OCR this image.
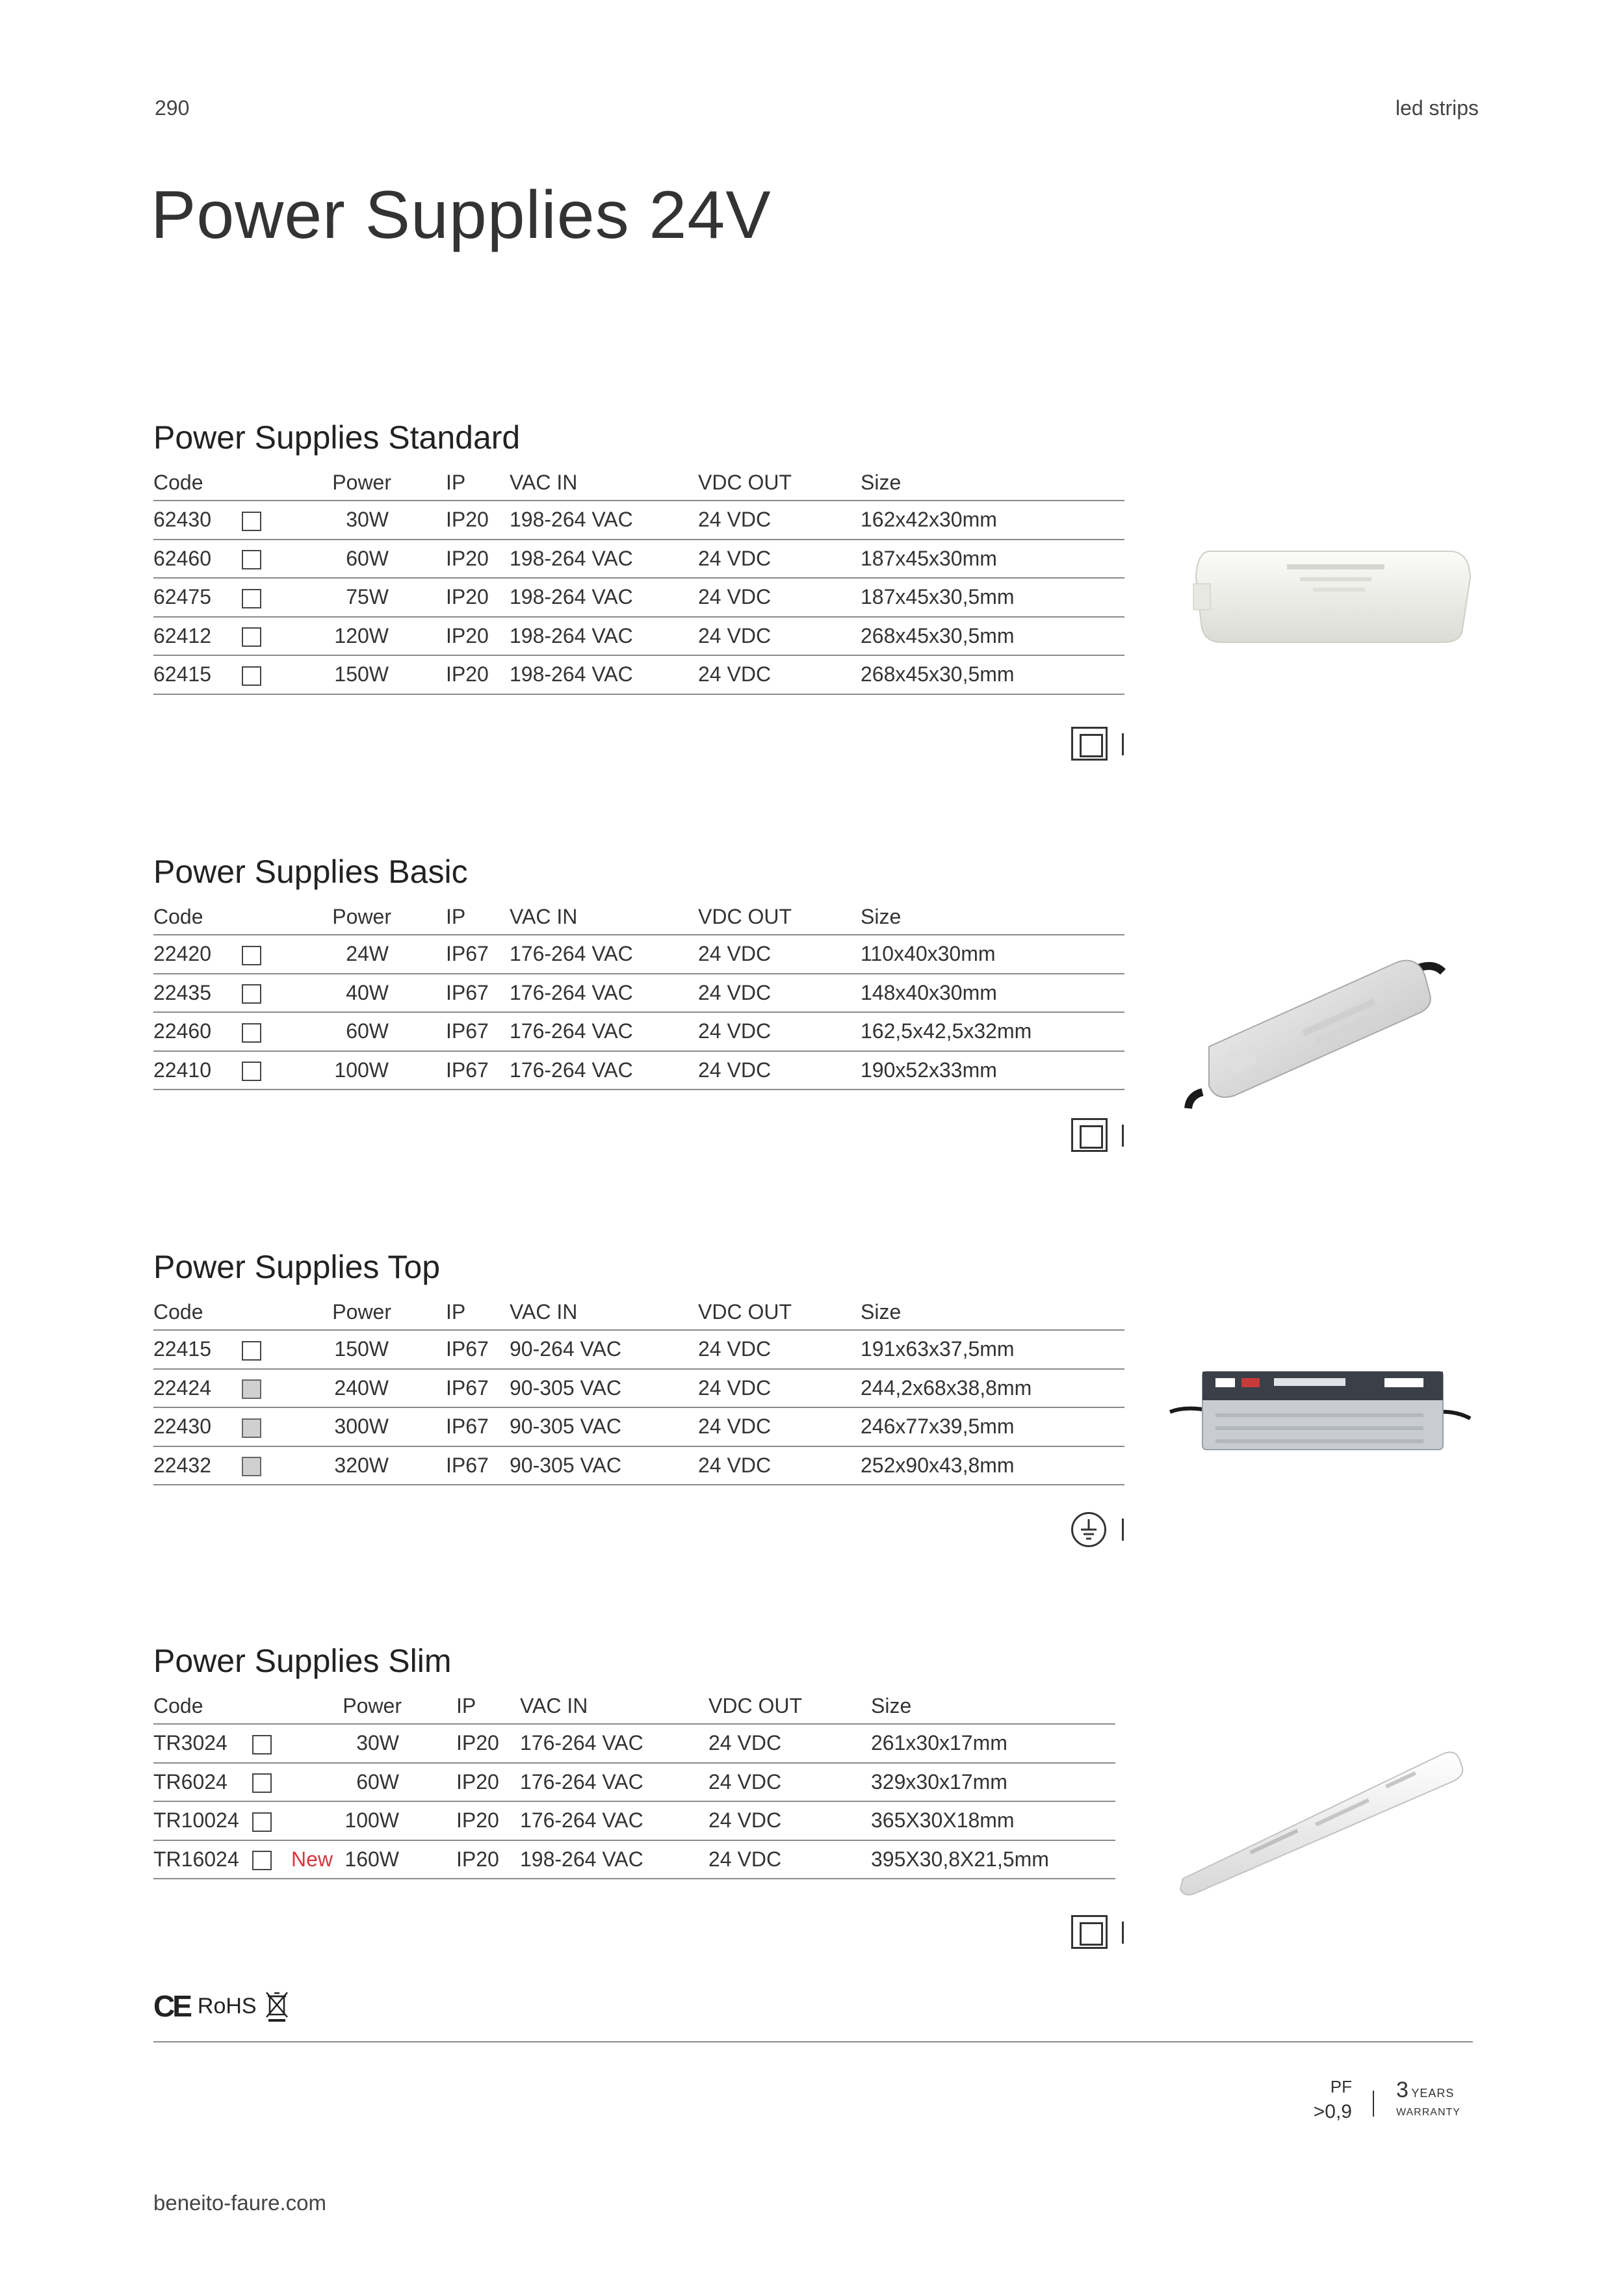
290	led strips
Power Supplies 24V
Power Supplies Standard
Code			Power	IP	VAC IN	VDC OUT	Size
62430			30W	IP20	198-264 VAC	24 VDC	162x42x30mm
62460			60W	IP20	198-264 VAC	24 VDC	187x45x30mm
62475			75W	IP20	198-264 VAC	24 VDC	187x45x30,5mm
62412			120W	IP20	198-264 VAC	24 VDC	268x45x30,5mm
62415			150W	IP20	198-264 VAC	24 VDC	268x45x30,5mm
Power Supplies Basic
Code			Power	IP	VAC IN	VDC OUT	Size
22420			24W	IP67	176-264 VAC	24 VDC	110x40x30mm
22435			40W	IP67	176-264 VAC	24 VDC	148x40x30mm
22460			60W	IP67	176-264 VAC	24 VDC	162,5x42,5x32mm
22410			100W	IP67	176-264 VAC	24 VDC	190x52x33mm
Power Supplies Top
Code			Power	IP	VAC IN	VDC OUT	Size
22415			150W	IP67	90-264 VAC	24 VDC	191x63x37,5mm
22424			240W	IP67	90-305 VAC	24 VDC	244,2x68x38,8mm
22430			300W	IP67	90-305 VAC	24 VDC	246x77x39,5mm
22432			320W	IP67	90-305 VAC	24 VDC	252x90x43,8mm
Power Supplies Slim
Code			Power	IP	VAC IN	VDC OUT	Size
TR3024			30W	IP20	176-264 VAC	24 VDC	261x30x17mm
TR6024			60W	IP20	176-264 VAC	24 VDC	329x30x17mm
TR10024			100W	IP20	176-264 VAC	24 VDC	365X30X18mm
TR16024		New	160W	IP20	198-264 VAC	24 VDC	395X30,8X21,5mm
CE RoHS
PF
>0,9
3 YEARS
WARRANTY
beneito-faure.com
